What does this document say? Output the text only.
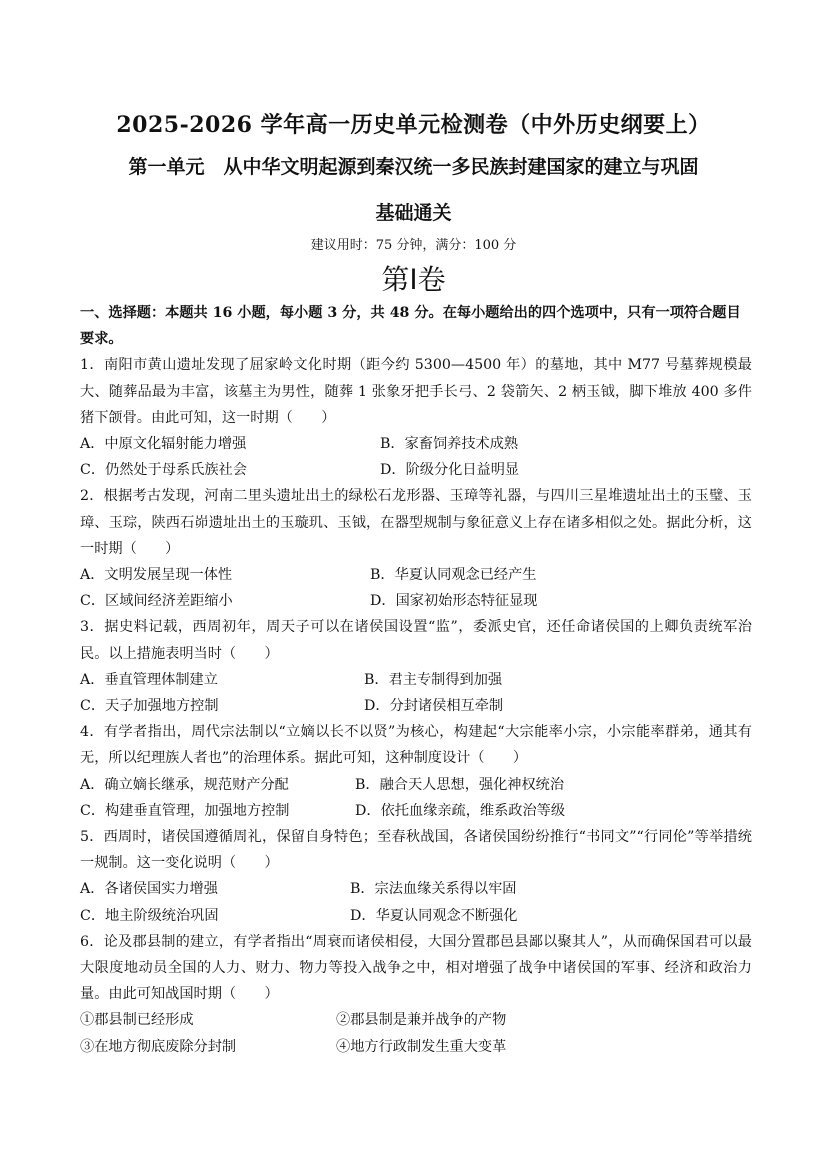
2025-2026 学年高一历史单元检测卷（中外历史纲要上）
第一单元　从中华文明起源到秦汉统一多民族封建国家的建立与巩固
基础通关
建议用时：75 分钟，满分：100 分
第Ⅰ卷
一、选择题：本题共 16 小题，每小题 3 分，共 48 分。在每小题给出的四个选项中，只有一项符合题目
要求。

1．南阳市黄山遗址发现了屈家岭文化时期（距今约 5300—4500 年）的墓地，其中 M77 号墓葬规模最大、随葬品最为丰富，该墓主为男性，随葬 1 张象牙把手长弓、2 袋箭矢、2 柄玉钺，脚下堆放 400 多件猪下颌骨。由此可知，这一时期（　　）

A．中原文化辐射能力增强	B．家畜饲养技术成熟
C．仍然处于母系氏族社会	D．阶级分化日益明显

2．根据考古发现，河南二里头遗址出土的绿松石龙形器、玉璋等礼器，与四川三星堆遗址出土的玉璧、玉璋、玉琮，陕西石峁遗址出土的玉璇玑、玉钺，在器型规制与象征意义上存在诸多相似之处。据此分析，这一时期（　　）

A．文明发展呈现一体性	B．华夏认同观念已经产生
C．区域间经济差距缩小	D．国家初始形态特征显现

3．据史料记载，西周初年，周天子可以在诸侯国设置“监”，委派史官，还任命诸侯国的上卿负责统军治民。以上措施表明当时（　　）

A．垂直管理体制建立	B．君主专制得到加强
C．天子加强地方控制	D．分封诸侯相互牵制

4．有学者指出，周代宗法制以“立嫡以长不以贤”为核心，构建起“大宗能率小宗，小宗能率群弟，通其有无，所以纪理族人者也”的治理体系。据此可知，这种制度设计（　　）

A．确立嫡长继承，规范财产分配	B．融合天人思想，强化神权统治
C．构建垂直管理，加强地方控制	D．依托血缘亲疏，维系政治等级

5．西周时，诸侯国遵循周礼，保留自身特色；至春秋战国，各诸侯国纷纷推行“书同文”“行同伦”等举措统一规制。这一变化说明（　　）

A．各诸侯国实力增强	B．宗法血缘关系得以牢固
C．地主阶级统治巩固	D．华夏认同观念不断强化

6．论及郡县制的建立，有学者指出“周衰而诸侯相侵，大国分置郡邑县鄙以聚其人”，从而确保国君可以最大限度地动员全国的人力、财力、物力等投入战争之中，相对增强了战争中诸侯国的军事、经济和政治力量。由此可知战国时期（　　）

①郡县制已经形成	②郡县制是兼并战争的产物
③在地方彻底废除分封制	④地方行政制发生重大变革
